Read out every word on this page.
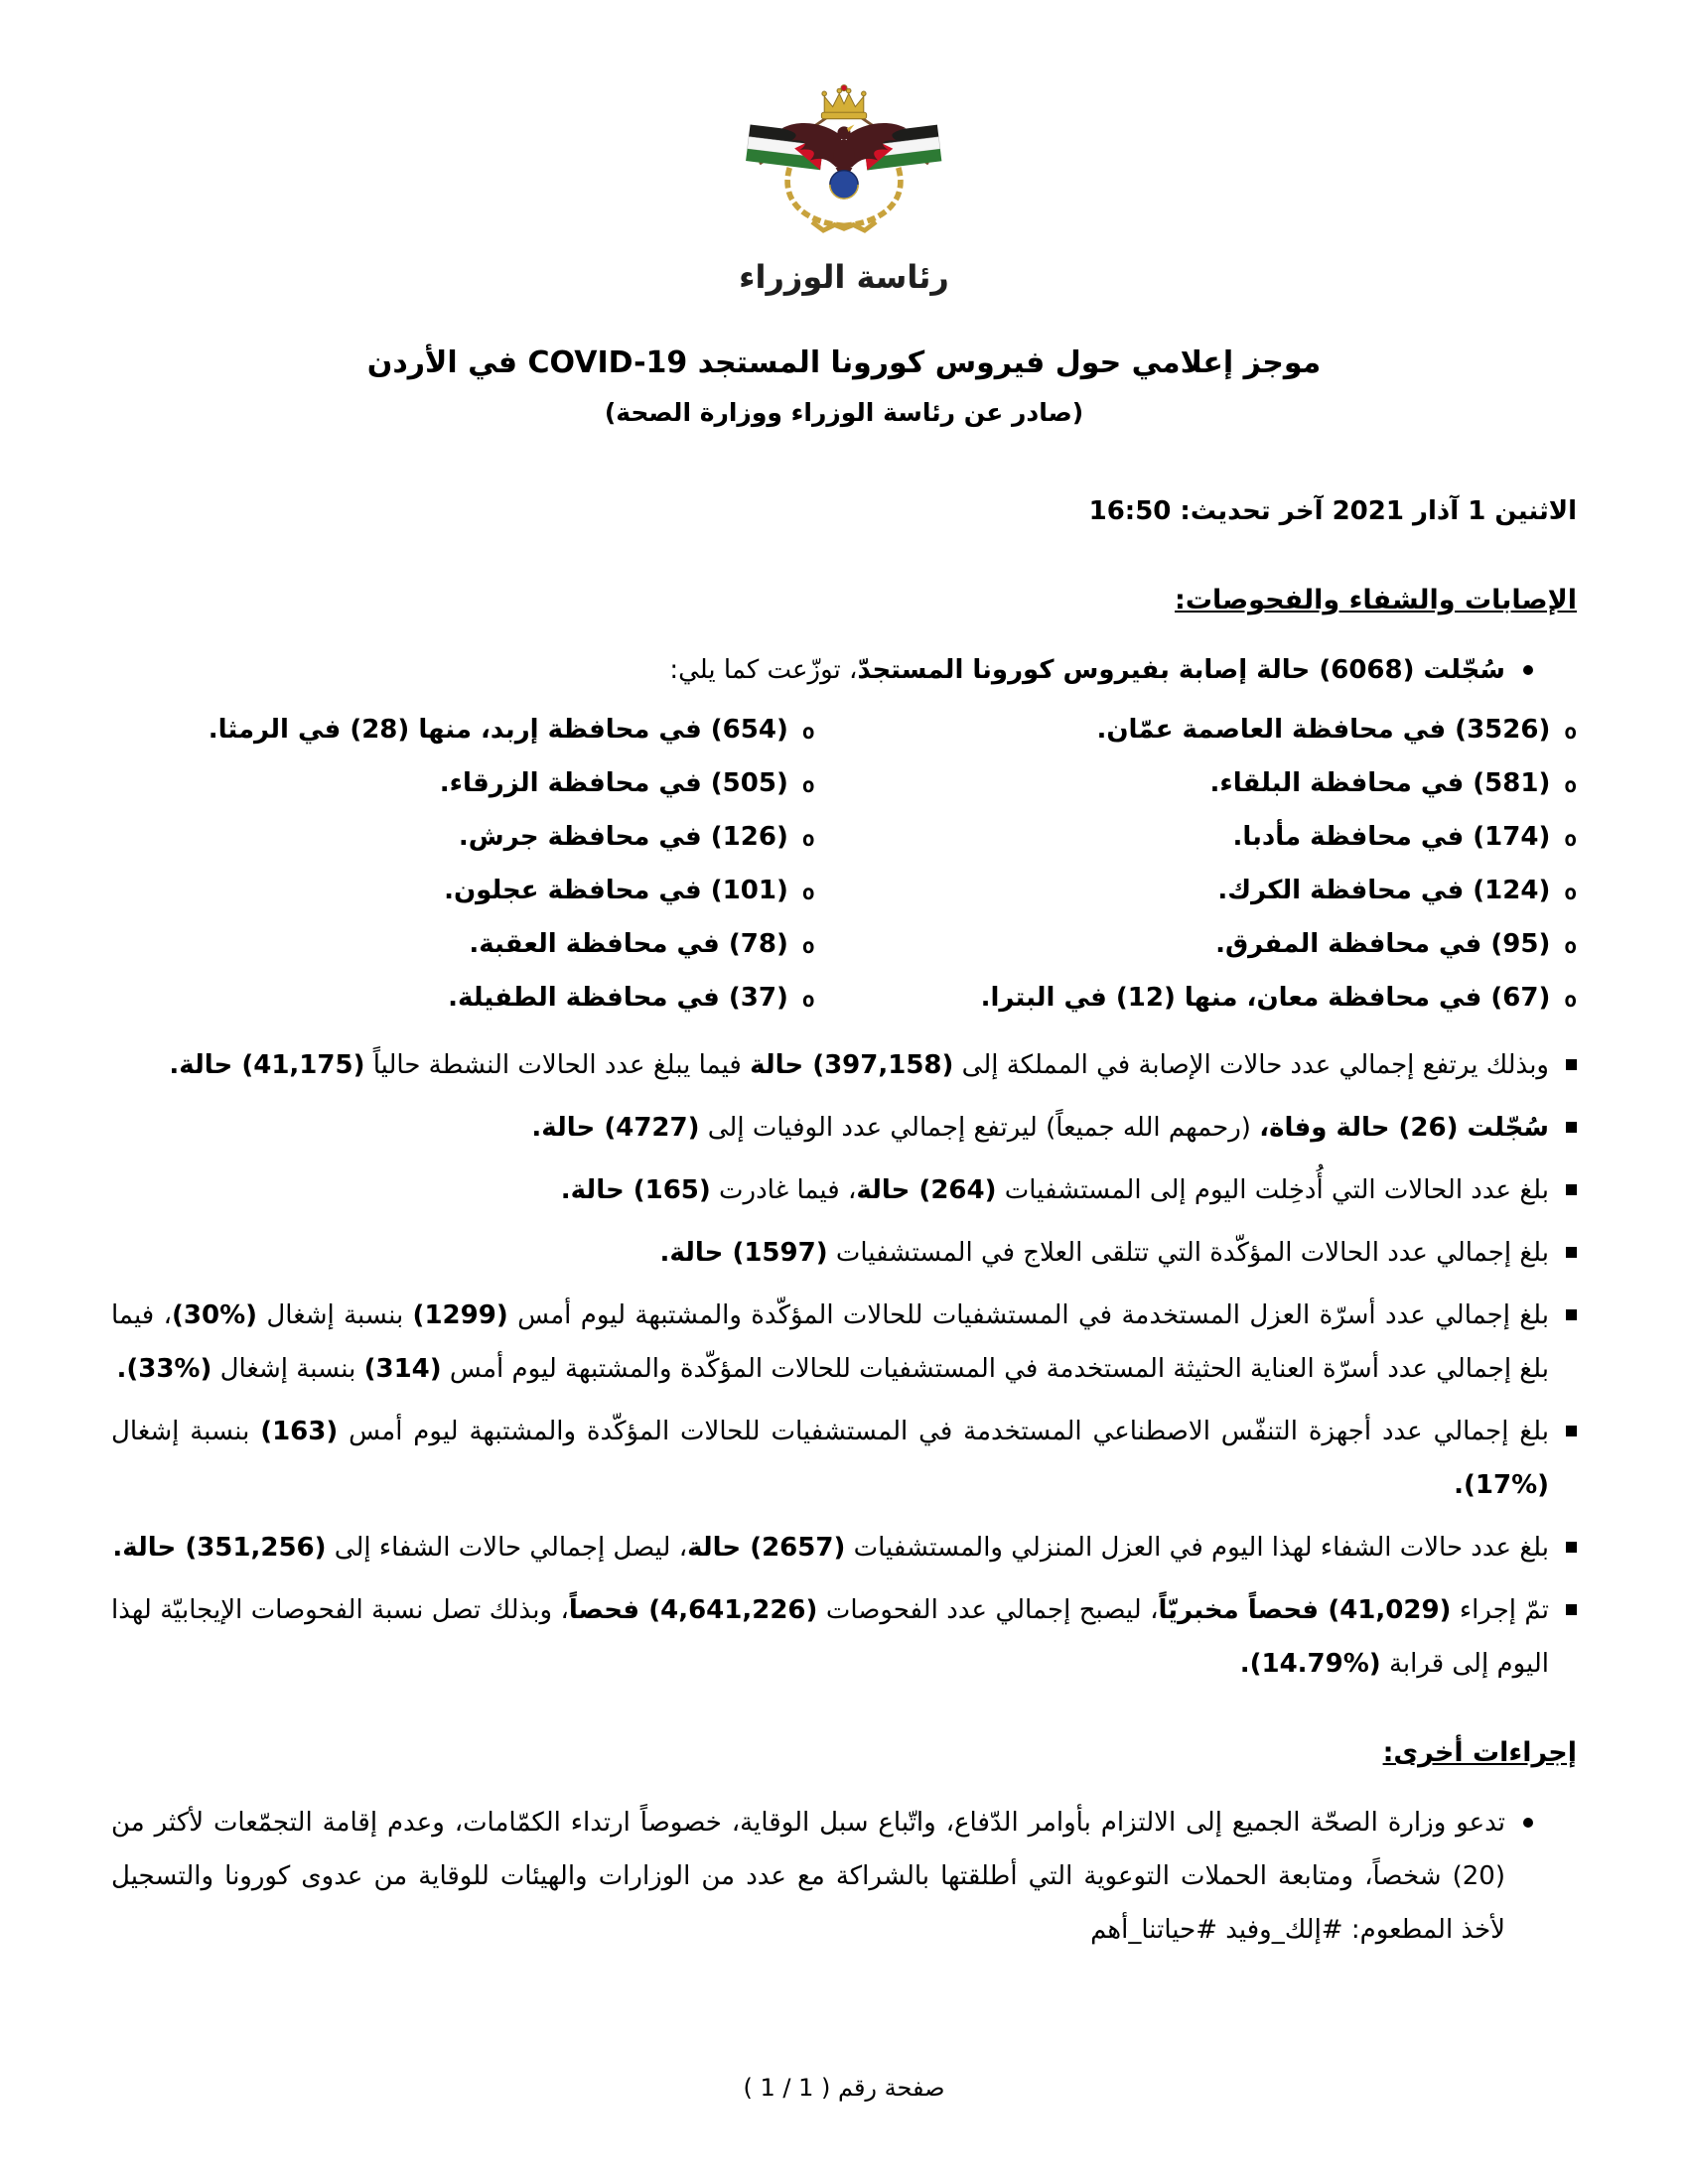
رئاسة الوزراء
موجز إعلامي حول فيروس كورونا المستجد COVID-19 في الأردن
(صادر عن رئاسة الوزراء ووزارة الصحة)
الاثنين 1 آذار 2021 آخر تحديث: 16:50
الإصابات والشفاء والفحوصات:
سُجّلت (6068) حالة إصابة بفيروس كورونا المستجدّ، توزّعت كما يلي:
o
(3526) في محافظة العاصمة عمّان.
o
(654) في محافظة إربد، منها (28) في الرمثا.
o
(581) في محافظة البلقاء.
o
(505) في محافظة الزرقاء.
o
(174) في محافظة مأدبا.
o
(126) في محافظة جرش.
o
(124) في محافظة الكرك.
o
(101) في محافظة عجلون.
o
(95) في محافظة المفرق.
o
(78) في محافظة العقبة.
o
(67) في محافظة معان، منها (12) في البترا.
o
(37) في محافظة الطفيلة.
وبذلك يرتفع إجمالي عدد حالات الإصابة في المملكة إلى (397,158) حالة فيما يبلغ عدد الحالات النشطة حالياً (41,175) حالة.
سُجّلت (26) حالة وفاة، (رحمهم الله جميعاً) ليرتفع إجمالي عدد الوفيات إلى (4727) حالة.
بلغ عدد الحالات التي أُدخِلت اليوم إلى المستشفيات (264) حالة، فيما غادرت (165) حالة.
بلغ إجمالي عدد الحالات المؤكّدة التي تتلقى العلاج في المستشفيات (1597) حالة.
بلغ إجمالي عدد أسرّة العزل المستخدمة في المستشفيات للحالات المؤكّدة والمشتبهة ليوم أمس (1299) بنسبة إشغال (%30)، فيما بلغ إجمالي عدد أسرّة العناية الحثيثة المستخدمة في المستشفيات للحالات المؤكّدة والمشتبهة ليوم أمس (314) بنسبة إشغال (%33).
بلغ إجمالي عدد أجهزة التنفّس الاصطناعي المستخدمة في المستشفيات للحالات المؤكّدة والمشتبهة ليوم أمس (163) بنسبة إشغال (%17).
بلغ عدد حالات الشفاء لهذا اليوم في العزل المنزلي والمستشفيات (2657) حالة، ليصل إجمالي حالات الشفاء إلى (351,256) حالة.
تمّ إجراء (41,029) فحصاً مخبريّاً، ليصبح إجمالي عدد الفحوصات (4,641,226) فحصاً، وبذلك تصل نسبة الفحوصات الإيجابيّة لهذا اليوم إلى قرابة (%14.79).
إجراءات أخرى:
تدعو وزارة الصحّة الجميع إلى الالتزام بأوامر الدّفاع، واتّباع سبل الوقاية، خصوصاً ارتداء الكمّامات، وعدم إقامة التجمّعات لأكثر من (20) شخصاً، ومتابعة الحملات التوعوية التي أطلقتها بالشراكة مع عدد من الوزارات والهيئات للوقاية من عدوى كورونا والتسجيل لأخذ المطعوم: #إلك_وفيد #حياتنا_أهم
صفحة رقم ( 1 / 1 )
